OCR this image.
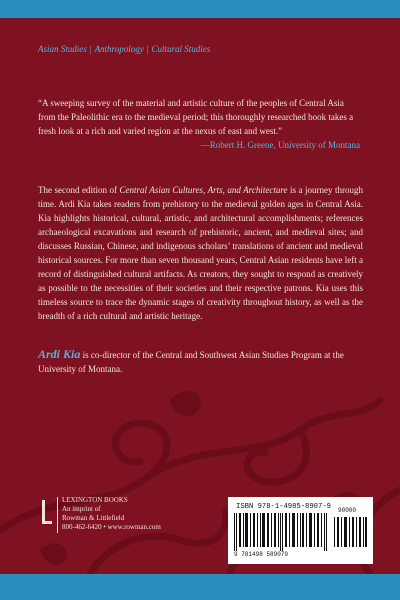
Asian Studies | Anthropology | Cultural Studies
“A sweeping survey of the material and artistic culture of the peoples of Central Asia from the Paleolithic era to the medieval period; this thoroughly researched book takes a fresh look at a rich and varied region at the nexus of east and west.”
—Robert H. Greene, University of Montana
The second edition of Central Asian Cultures, Arts, and Architecture is a journey through time. Ardi Kia takes readers from prehistory to the medieval golden ages in Central Asia. Kia highlights historical, cultural, artistic, and architectural accomplishments; references archaeological excavations and research of prehistoric, ancient, and medieval sites; and discusses Russian, Chinese, and indigenous scholars’ translations of ancient and medieval historical sources. For more than seven thousand years, Central Asian residents have left a record of distinguished cultural artifacts. As creators, they sought to respond as creatively as possible to the necessities of their societies and their respective patrons. Kia uses this timeless source to trace the dynamic stages of creativity throughout history, as well as the breadth of a rich cultural and artistic heritage.
Ardi Kia is co-director of the Central and Southwest Asian Studies Program at the University of Montana.
LEXINGTON BOOKS
An imprint of
Rowman & Littlefield
800-462-6420 • www.rowman.com
ISBN 978-1-4985-8907-9 90000
9 781498 589079
